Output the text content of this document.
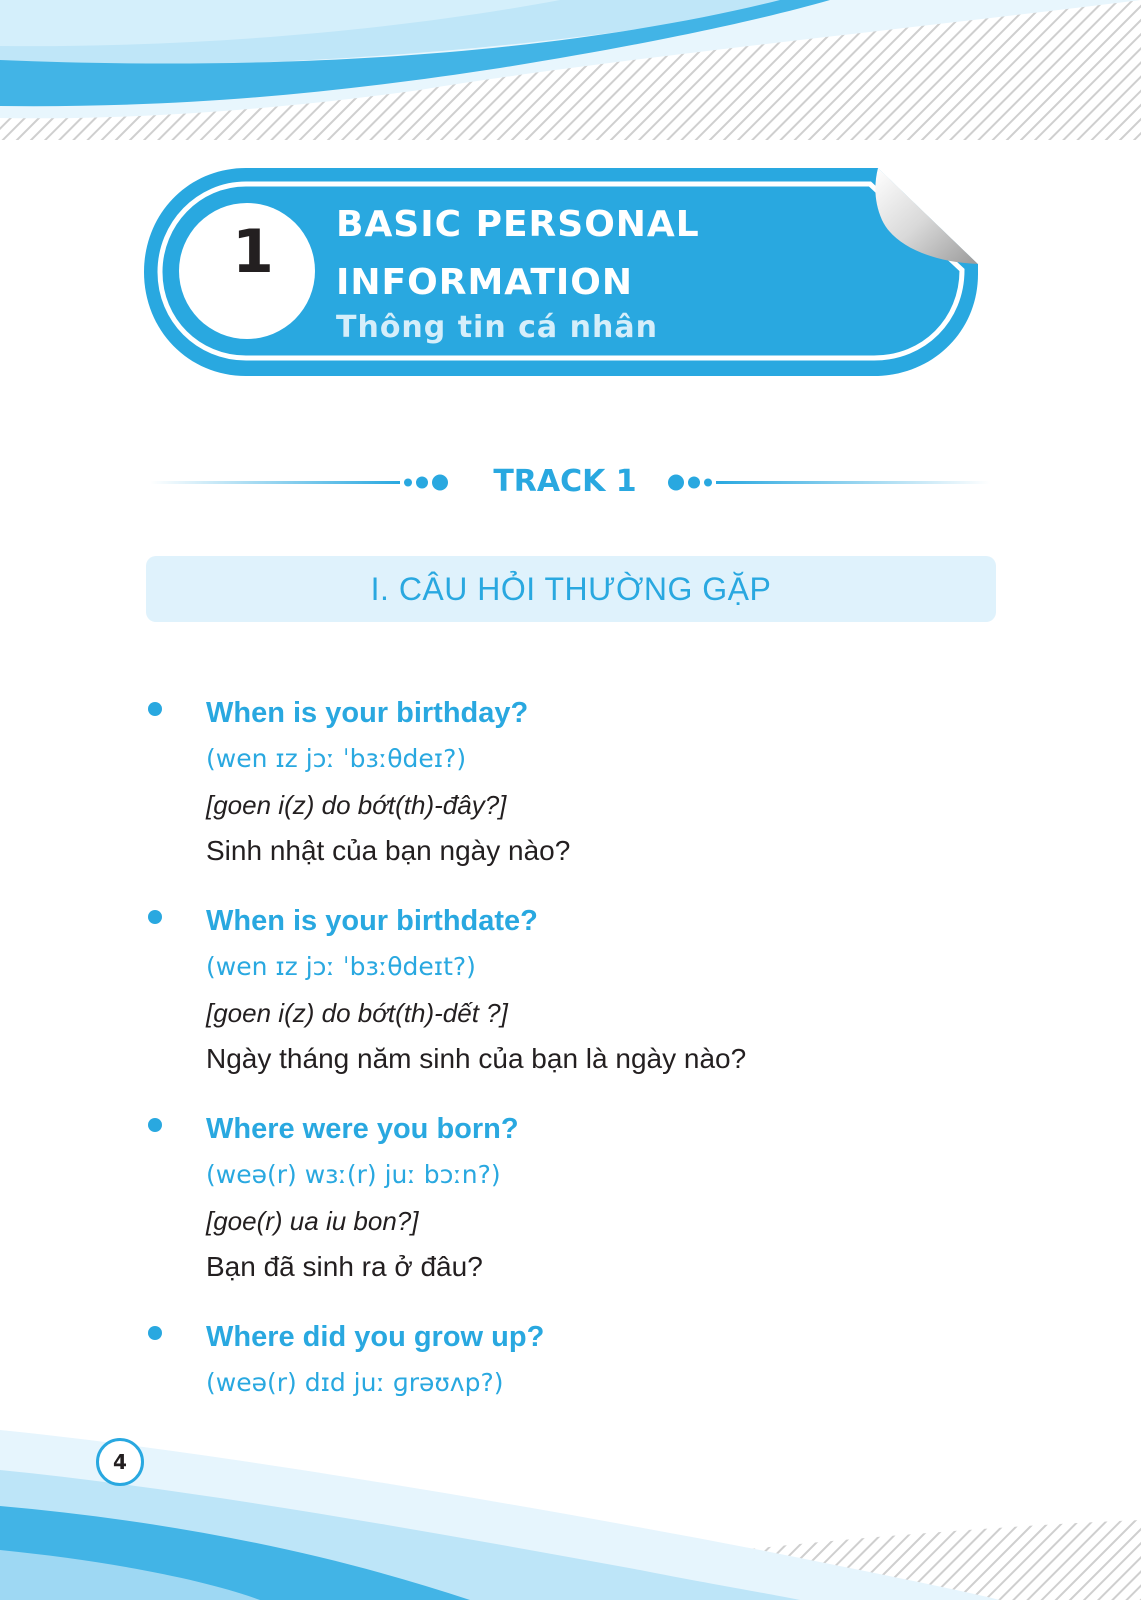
1 BASIC PERSONAL INFORMATION
Thông tin cá nhân
TRACK 1
I. CÂU HỎI THƯỜNG GẶP
When is your birthday?
(wen ɪz jɔː ˈbɜːθdeɪ?)
[goen i(z) do bớt(th)-đây?]
Sinh nhật của bạn ngày nào?
When is your birthdate?
(wen ɪz jɔː ˈbɜːθdeɪt?)
[goen i(z) do bớt(th)-dết ?]
Ngày tháng năm sinh của bạn là ngày nào?
Where were you born?
(weə(r) wɜː(r) juː bɔːn?)
[goe(r) ua iu bon?]
Bạn đã sinh ra ở đâu?
Where did you grow up?
(weə(r) dɪd juː ɡrəʊʌp?)
4
